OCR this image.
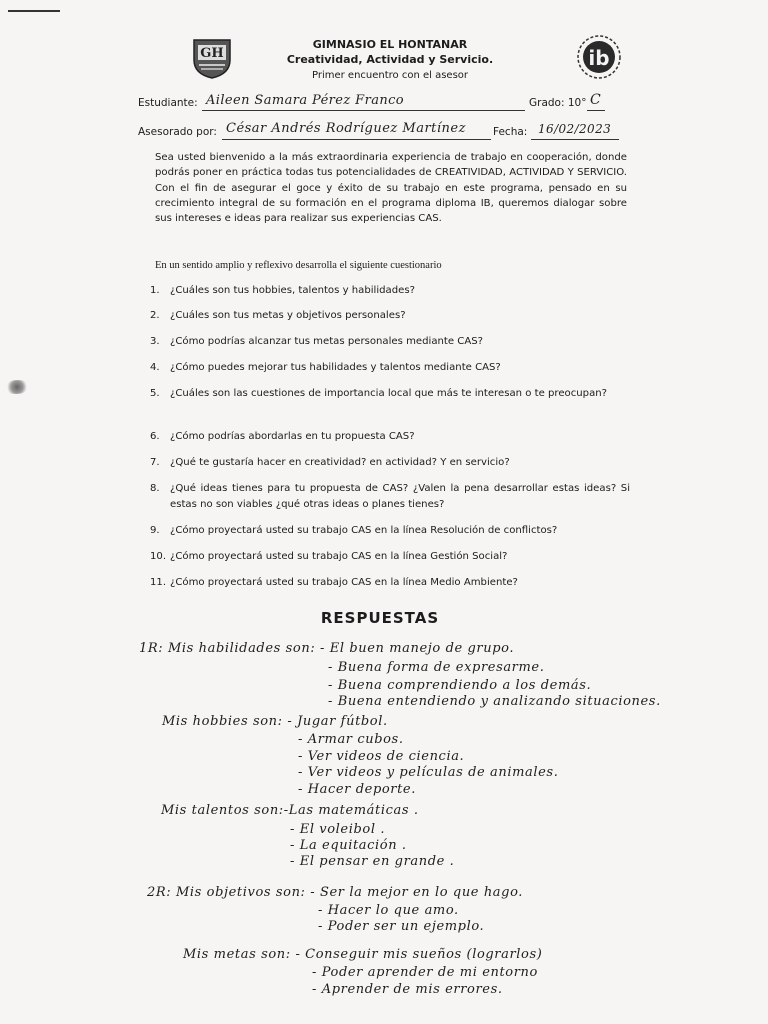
GH	ib
GIMNASIO EL HONTANAR
Creatividad, Actividad y Servicio.
Primer encuentro con el asesor
Estudiante: Aileen Samara Pérez Franco	Grado: 10° C
Asesorado por: César Andrés Rodríguez Martínez	Fecha: 16/02/2023
Sea usted bienvenido a la más extraordinaria experiencia de trabajo en cooperación, donde podrás poner en práctica todas tus potencialidades de CREATIVIDAD, ACTIVIDAD Y SERVICIO. Con el fin de asegurar el goce y éxito de su trabajo en este programa, pensado en su crecimiento integral de su formación en el programa diploma IB, queremos dialogar sobre sus intereses e ideas para realizar sus experiencias CAS.
En un sentido amplio y reflexivo desarrolla el siguiente cuestionario
1.	¿Cuáles son tus hobbies, talentos y habilidades?
2.	¿Cuáles son tus metas y objetivos personales?
3.	¿Cómo podrías alcanzar tus metas personales mediante CAS?
4.	¿Cómo puedes mejorar tus habilidades y talentos mediante CAS?
5.	¿Cuáles son las cuestiones de importancia local que más te interesan o te preocupan?
6.	¿Cómo podrías abordarlas en tu propuesta CAS?
7.	¿Qué te gustaría hacer en creatividad? en actividad? Y en servicio?
8.	¿Qué ideas tienes para tu propuesta de CAS? ¿Valen la pena desarrollar estas ideas? Si estas no son viables ¿qué otras ideas o planes tienes?
9.	¿Cómo proyectará usted su trabajo CAS en la línea Resolución de conflictos?
10. ¿Cómo proyectará usted su trabajo CAS en la línea Gestión Social?
11. ¿Cómo proyectará usted su trabajo CAS en la línea Medio Ambiente?
RESPUESTAS
1R: Mis habilidades son: - El buen manejo de grupo.
- Buena forma de expresarme.
- Buena comprendiendo a los demás.
- Buena entendiendo y analizando situaciones.
Mis hobbies son: - Jugar fútbol.
- Armar cubos.
- Ver videos de ciencia.
- Ver videos y películas de animales.
- Hacer deporte.
Mis talentos son:-Las matemáticas .
- El voleibol .
- La equitación .
- El pensar en grande .
2R: Mis objetivos son: - Ser la mejor en lo que hago.
- Hacer lo que amo.
- Poder ser un ejemplo.
Mis metas son: - Conseguir mis sueños (lograrlos)
- Poder aprender de mi entorno
- Aprender de mis errores.
